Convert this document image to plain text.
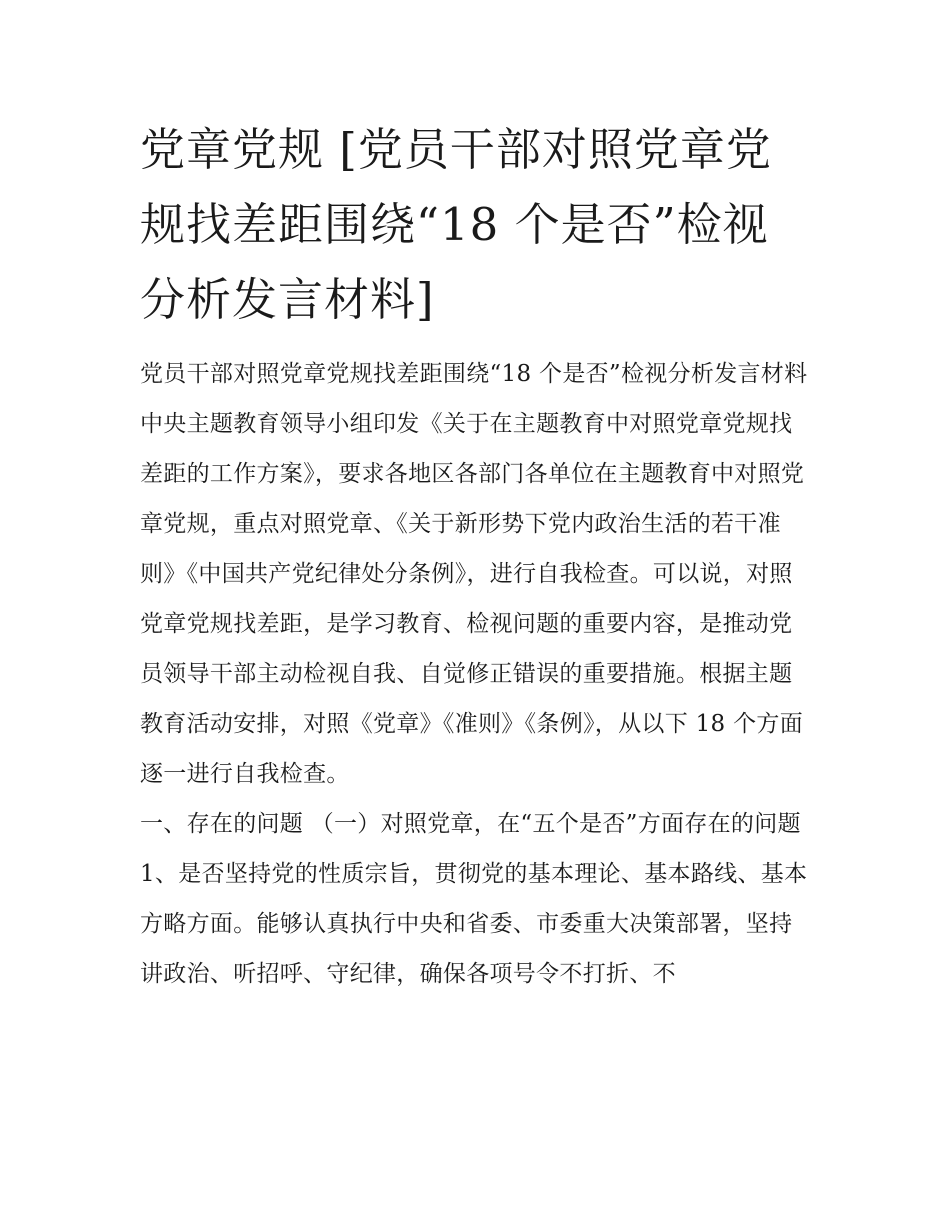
党章党规 [党员干部对照党章党规找差距围绕“18 个是否”检视分析发言材料]

党员干部对照党章党规找差距围绕“18 个是否”检视分析发言材料

中央主题教育领导小组印发《关于在主题教育中对照党章党规找差距的工作方案》，要求各地区各部门各单位在主题教育中对照党章党规，重点对照党章、《关于新形势下党内政治生活的若干准则》《中国共产党纪律处分条例》，进行自我检查。可以说，对照党章党规找差距，是学习教育、检视问题的重要内容，是推动党员领导干部主动检视自我、自觉修正错误的重要措施。根据主题教育活动安排，对照《党章》《准则》《条例》，从以下 18 个方面逐一进行自我检查。

一、存在的问题 （一）对照党章，在“五个是否”方面存在的问题

1、是否坚持党的性质宗旨，贯彻党的基本理论、基本路线、基本方略方面。能够认真执行中央和省委、市委重大决策部署，坚持讲政治、听招呼、守纪律，确保各项号令不打折、不
